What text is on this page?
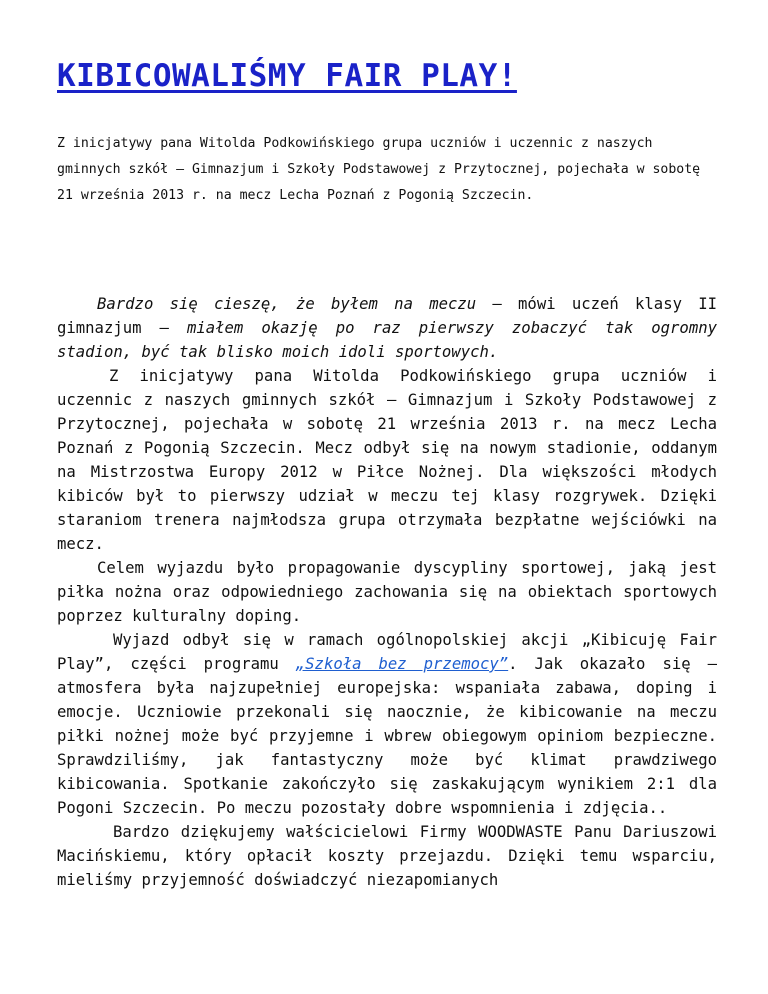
KIBICOWALIŚMY FAIR PLAY!

Z inicjatywy pana Witolda Podkowińskiego grupa uczniów i uczennic z naszych gminnych szkół – Gimnazjum i Szkoły Podstawowej z Przytocznej, pojechała w sobotę 21 września 2013 r. na mecz Lecha Poznań z Pogonią Szczecin.

Bardzo się cieszę, że byłem na meczu – mówi uczeń klasy II gimnazjum – miałem okazję po raz pierwszy zobaczyć tak ogromny stadion, być tak blisko moich idoli sportowych.

Z inicjatywy pana Witolda Podkowińskiego grupa uczniów i uczennic z naszych gminnych szkół – Gimnazjum i Szkoły Podstawowej z Przytocznej, pojechała w sobotę 21 września 2013 r. na mecz Lecha Poznań z Pogonią Szczecin. Mecz odbył się na nowym stadionie, oddanym na Mistrzostwa Europy 2012 w Piłce Nożnej. Dla większości młodych kibiców był to pierwszy udział w meczu tej klasy rozgrywek. Dzięki staraniom trenera najmłodsza grupa otrzymała bezpłatne wejściówki na mecz.

Celem wyjazdu było propagowanie dyscypliny sportowej, jaką jest piłka nożna oraz odpowiedniego zachowania się na obiektach sportowych poprzez kulturalny doping.

Wyjazd odbył się w ramach ogólnopolskiej akcji „Kibicuję Fair Play”, części programu „Szkoła bez przemocy”. Jak okazało się – atmosfera była najzupełniej europejska: wspaniała zabawa, doping i emocje. Uczniowie przekonali się naocznie, że kibicowanie na meczu piłki nożnej może być przyjemne i wbrew obiegowym opiniom bezpieczne. Sprawdziliśmy, jak fantastyczny może być klimat prawdziwego kibicowania. Spotkanie zakończyło się zaskakującym wynikiem 2:1 dla Pogoni Szczecin. Po meczu pozostały dobre wspomnienia i zdjęcia..

Bardzo dziękujemy wałścicielowi Firmy WOODWASTE Panu Dariuszowi Macińskiemu, który opłacił koszty przejazdu. Dzięki temu wsparciu, mieliśmy przyjemność doświadczyć niezapomianych
